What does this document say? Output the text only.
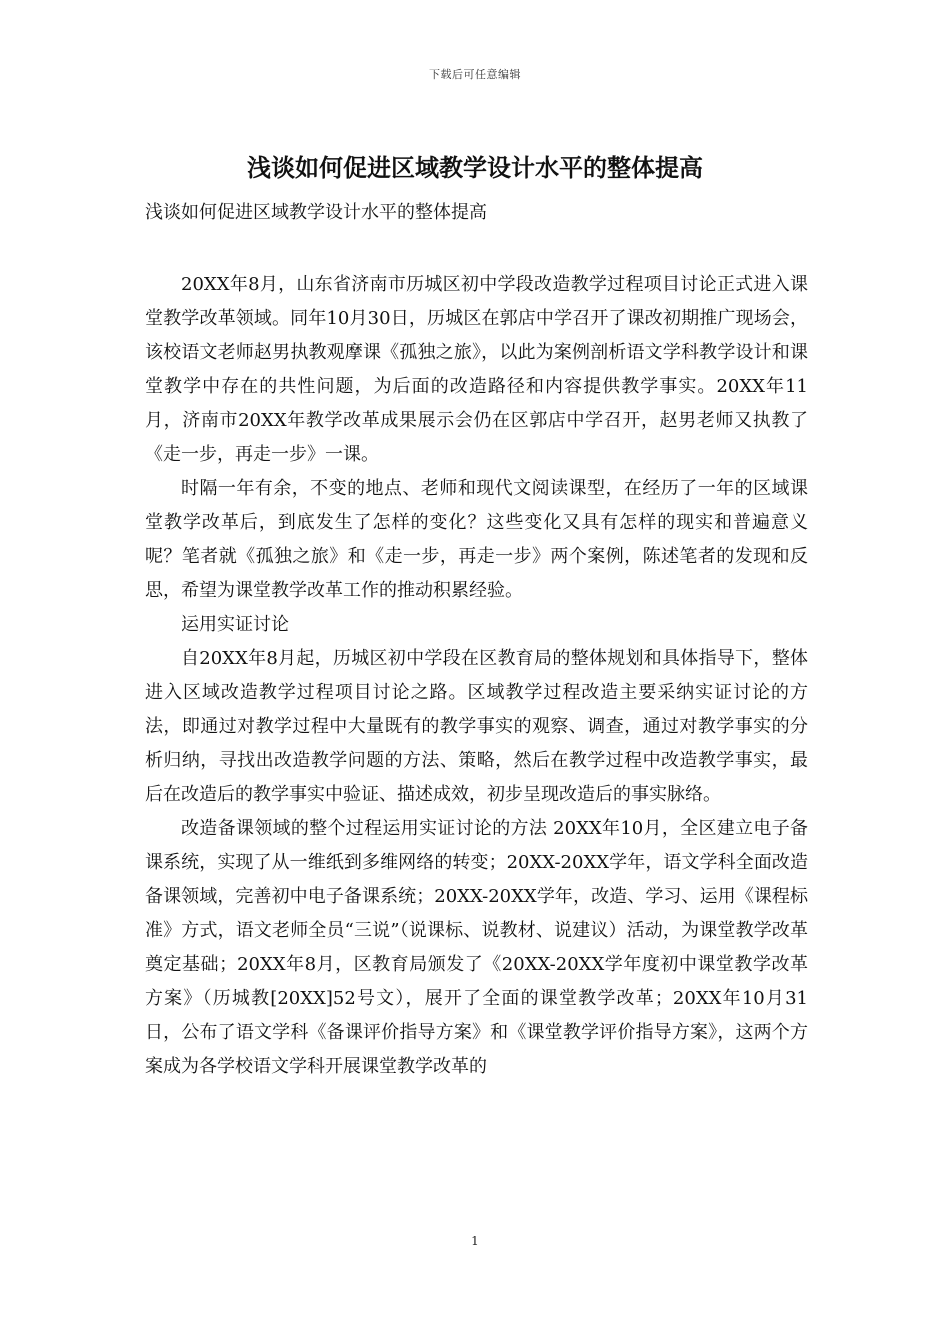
下载后可任意编辑
浅谈如何促进区域教学设计水平的整体提高
浅谈如何促进区域教学设计水平的整体提高

20XX年8月，山东省济南市历城区初中学段改造教学过程项目讨论正式进入课堂教学改革领域。同年10月30日，历城区在郭店中学召开了课改初期推广现场会，该校语文老师赵男执教观摩课《孤独之旅》，以此为案例剖析语文学科教学设计和课堂教学中存在的共性问题，为后面的改造路径和内容提供教学事实。20XX年11月，济南市20XX年教学改革成果展示会仍在区郭店中学召开，赵男老师又执教了《走一步，再走一步》一课。

时隔一年有余，不变的地点、老师和现代文阅读课型，在经历了一年的区域课堂教学改革后，到底发生了怎样的变化？这些变化又具有怎样的现实和普遍意义呢？笔者就《孤独之旅》和《走一步，再走一步》两个案例，陈述笔者的发现和反思，希望为课堂教学改革工作的推动积累经验。

运用实证讨论

自20XX年8月起，历城区初中学段在区教育局的整体规划和具体指导下，整体进入区域改造教学过程项目讨论之路。区域教学过程改造主要采纳实证讨论的方法，即通过对教学过程中大量既有的教学事实的观察、调查，通过对教学事实的分析归纳，寻找出改造教学问题的方法、策略，然后在教学过程中改造教学事实，最后在改造后的教学事实中验证、描述成效，初步呈现改造后的事实脉络。

改造备课领域的整个过程运用实证讨论的方法 20XX年10月，全区建立电子备课系统，实现了从一维纸到多维网络的转变；20XX-20XX学年，语文学科全面改造备课领域，完善初中电子备课系统；20XX-20XX学年，改造、学习、运用《课程标准》方式，语文老师全员“三说”（说课标、说教材、说建议）活动，为课堂教学改革奠定基础；20XX年8月，区教育局颁发了《20XX-20XX学年度初中课堂教学改革方案》（历城教[20XX]52号文），展开了全面的课堂教学改革；20XX年10月31日，公布了语文学科《备课评价指导方案》和《课堂教学评价指导方案》，这两个方案成为各学校语文学科开展课堂教学改革的

1
